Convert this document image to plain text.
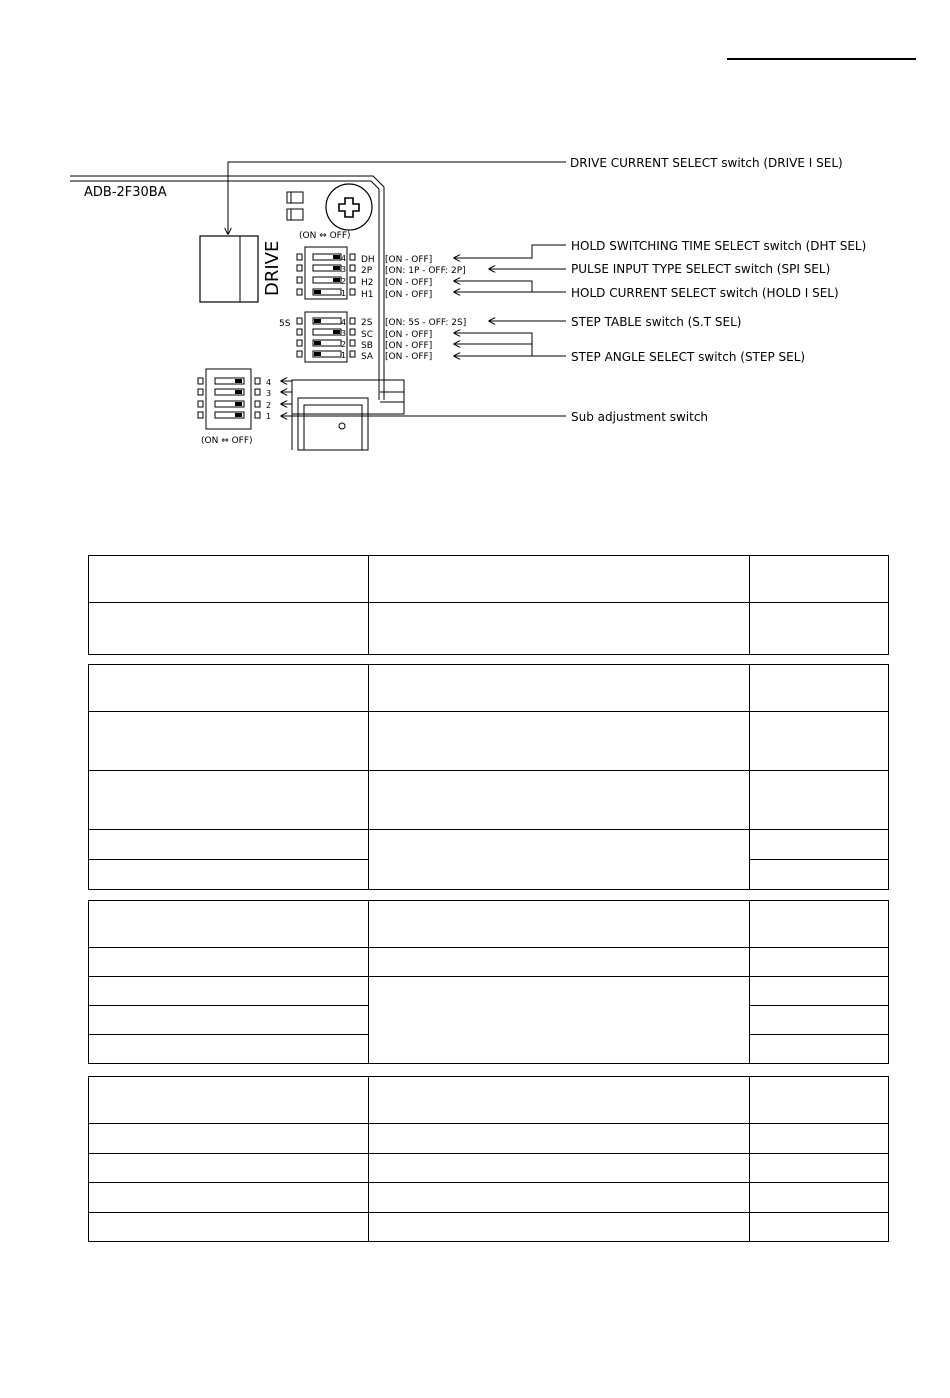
ADB-2F30BA
DRIVE
(ON ⇔ OFF)
4
3
2
1
DH
2P
H2
H1
[ON - OFF]
[ON: 1P - OFF: 2P]
[ON - OFF]
[ON - OFF]
5S	4
3
2
1
2S
SC
SB
SA
[ON: 5S - OFF: 2S]
[ON - OFF]
[ON - OFF]
[ON - OFF]
4
3
2
1
(ON ⇔ OFF)
DRIVE CURRENT SELECT switch (DRIVE I SEL)
HOLD SWITCHING TIME SELECT switch (DHT SEL)
PULSE INPUT TYPE SELECT switch (SPI SEL)
HOLD CURRENT SELECT switch (HOLD I SEL)
STEP TABLE switch (S.T SEL)
STEP ANGLE SELECT switch (STEP SEL)
Sub adjustment switch
